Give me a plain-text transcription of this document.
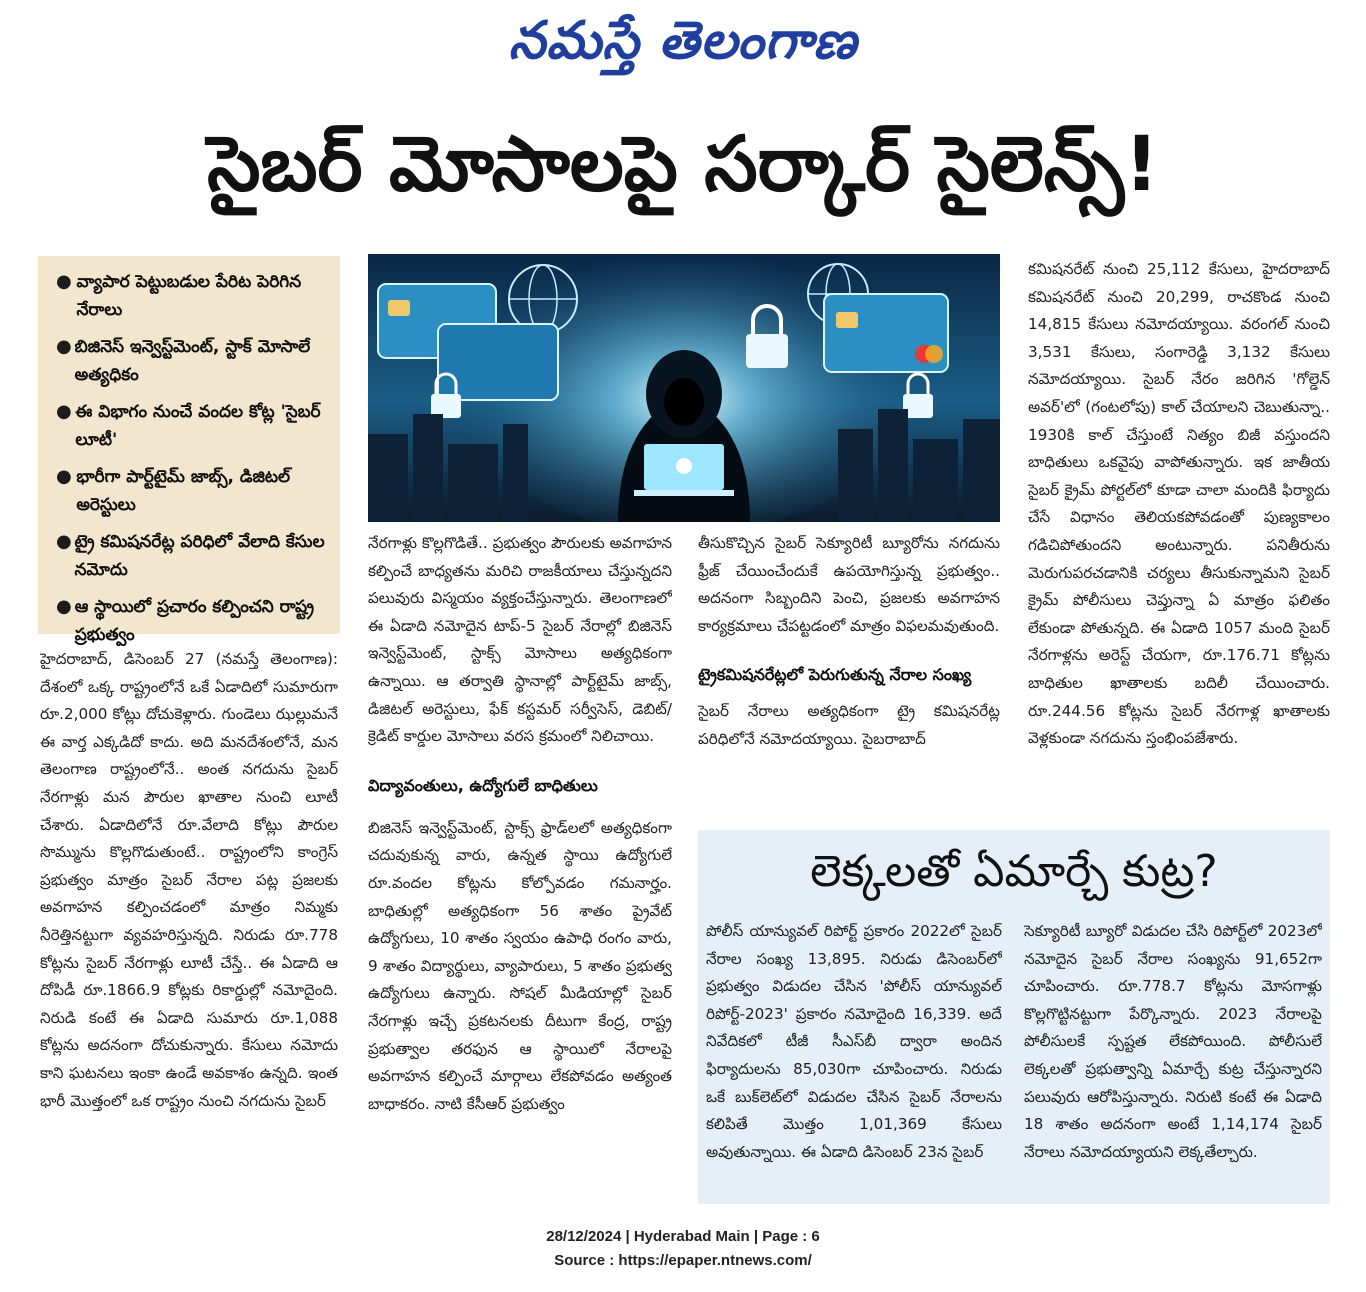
నమస్తే తెలంగాణ
సైబర్ మోసాలపై సర్కార్ సైలెన్స్!
● వ్యాపార పెట్టుబడుల పేరిట పెరిగిన నేరాలు
● బిజినెస్ ఇన్వెస్ట్‌మెంట్, స్టాక్ మోసాలే అత్యధికం
● ఈ విభాగం నుంచే వందల కోట్ల 'సైబర్ లూటీ'
● భారీగా పార్ట్‌టైమ్ జాబ్స్, డిజిటల్ అరెస్టులు
● ట్రై కమిషనరేట్ల పరిధిలో వేలాది కేసుల నమోదు
● ఆ స్థాయిలో ప్రచారం కల్పించని రాష్ట్ర ప్రభుత్వం

హైదరాబాద్, డిసెంబర్ 27 (నమస్తే తెలంగాణ): దేశంలో ఒక్క రాష్ట్రంలోనే ఒకే ఏడాదిలో సుమారుగా రూ.2,000 కోట్లు దోచుకెళ్లారు. గుండెలు ఝల్లుమనే ఈ వార్త ఎక్కడిదో కాదు. అది మనదేశంలోనే, మన తెలంగాణ రాష్ట్రంలోనే.. అంత నగదును సైబర్ నేరగాళ్లు మన పౌరుల ఖాతాల నుంచి లూటీ చేశారు. ఏడాదిలోనే రూ.వేలాది కోట్లు పౌరుల సొమ్మును కొల్లగొడుతుంటే.. రాష్ట్రంలోని కాంగ్రెస్ ప్రభుత్వం మాత్రం సైబర్ నేరాల పట్ల ప్రజలకు అవగాహన కల్పించడంలో మాత్రం నిమ్మకు నీరెత్తినట్టుగా వ్యవహరిస్తున్నది. నిరుడు రూ.778 కోట్లను సైబర్ నేరగాళ్లు లూటీ చేస్తే.. ఈ ఏడాది ఆ దోపిడీ రూ.1866.9 కోట్లకు రికార్డుల్లో నమోదైంది. నిరుడి కంటే ఈ ఏడాది సుమారు రూ.1,088 కోట్లను అదనంగా దోచుకున్నారు. కేసులు నమోదు కాని ఘటనలు ఇంకా ఉండే అవకాశం ఉన్నది. ఇంత భారీ మొత్తంలో ఒక రాష్ట్రం నుంచి నగదును సైబర్

నేరగాళ్లు కొల్లగొడితే.. ప్రభుత్వం పౌరులకు అవగాహన కల్పించే బాధ్యతను మరిచి రాజకీయాలు చేస్తున్నదని పలువురు విస్మయం వ్యక్తంచేస్తున్నారు. తెలంగాణలో ఈ ఏడాది నమోదైన టాప్-5 సైబర్ నేరాల్లో బిజినెస్ ఇన్వెస్ట్‌మెంట్, స్టాక్స్ మోసాలు అత్యధికంగా ఉన్నాయి. ఆ తర్వాతి స్థానాల్లో పార్ట్‌టైమ్ జాబ్స్, డిజిటల్ అరెస్టులు, ఫేక్ కస్టమర్ సర్వీసెస్, డెబిట్/క్రెడిట్ కార్డుల మోసాలు వరస క్రమంలో నిలిచాయి.

విద్యావంతులు, ఉద్యోగులే బాధితులు

బిజినెస్ ఇన్వెస్ట్‌మెంట్, స్టాక్స్ ఫ్రాడ్‌లలో అత్యధికంగా చదువుకున్న వారు, ఉన్నత స్థాయి ఉద్యోగులే రూ.వందల కోట్లను కోల్పోవడం గమనార్హం. బాధితుల్లో అత్యధికంగా 56 శాతం ప్రైవేట్ ఉద్యోగులు, 10 శాతం స్వయం ఉపాధి రంగం వారు, 9 శాతం విద్యార్థులు, వ్యాపారులు, 5 శాతం ప్రభుత్వ ఉద్యోగులు ఉన్నారు. సోషల్ మీడియాల్లో సైబర్ నేరగాళ్లు ఇచ్చే ప్రకటనలకు దీటుగా కేంద్ర, రాష్ట్ర ప్రభుత్వాల తరఫున ఆ స్థాయిలో నేరాలపై అవగాహన కల్పించే మార్గాలు లేకపోవడం అత్యంత బాధాకరం. నాటి కేసీఆర్ ప్రభుత్వం

తీసుకొచ్చిన సైబర్ సెక్యూరిటీ బ్యూరోను నగదును ఫ్రీజ్ చేయించేందుకే ఉపయోగిస్తున్న ప్రభుత్వం.. అదనంగా సిబ్బందిని పెంచి, ప్రజలకు అవగాహన కార్యక్రమాలు చేపట్టడంలో మాత్రం విఫలమవుతుంది.

ట్రైకమిషనరేట్లలో పెరుగుతున్న నేరాల సంఖ్య

సైబర్ నేరాలు అత్యధికంగా ట్రై కమిషనరేట్ల పరిధిలోనే నమోదయ్యాయి. సైబరాబాద్

కమిషనరేట్ నుంచి 25,112 కేసులు, హైదరాబాద్ కమిషనరేట్ నుంచి 20,299, రాచకొండ నుంచి 14,815 కేసులు నమోదయ్యాయి. వరంగల్ నుంచి 3,531 కేసులు, సంగారెడ్డి 3,132 కేసులు నమోదయ్యాయి. సైబర్ నేరం జరిగిన 'గోల్డెన్ అవర్'లో (గంటలోపు) కాల్ చేయాలని చెబుతున్నా.. 1930కి కాల్ చేస్తుంటే నిత్యం బిజీ వస్తుందని బాధితులు ఒకవైపు వాపోతున్నారు. ఇక జాతీయ సైబర్ క్రైమ్ పోర్టల్‌లో కూడా చాలా మందికి ఫిర్యాదు చేసే విధానం తెలియకపోవడంతో పుణ్యకాలం గడిచిపోతుందని అంటున్నారు. పనితీరును మెరుగుపరచడానికి చర్యలు తీసుకున్నామని సైబర్ క్రైమ్ పోలీసులు చెప్తున్నా ఏ మాత్రం ఫలితం లేకుండా పోతున్నది. ఈ ఏడాది 1057 మంది సైబర్ నేరగాళ్లను అరెస్ట్ చేయగా, రూ.176.71 కోట్లను బాధితుల ఖాతాలకు బదిలీ చేయించారు. రూ.244.56 కోట్లను సైబర్ నేరగాళ్ల ఖాతాలకు వెళ్లకుండా నగదును స్తంభింపజేశారు.

లెక్కలతో ఏమార్చే కుట్ర?
పోలీస్ యాన్యువల్ రిపోర్ట్ ప్రకారం 2022లో సైబర్ నేరాల సంఖ్య 13,895. నిరుడు డిసెంబర్‌లో ప్రభుత్వం విడుదల చేసిన 'పోలీస్ యాన్యువల్ రిపోర్ట్-2023' ప్రకారం నమోదైంది 16,339. అదే నివేదికలో టీజీ సీఎస్‌బీ ద్వారా అందిన ఫిర్యాదులను 85,030గా చూపించారు. నిరుడు ఒకే బుక్‌లెట్‌లో విడుదల చేసిన సైబర్ నేరాలను కలిపితే మొత్తం 1,01,369 కేసులు అవుతున్నాయి. ఈ ఏడాది డిసెంబర్ 23న సైబర్
సెక్యూరిటీ బ్యూరో విడుదల చేసి రిపోర్ట్‌లో 2023లో నమోదైన సైబర్ నేరాల సంఖ్యను 91,652గా చూపించారు. రూ.778.7 కోట్లను మోసగాళ్లు కొల్లగొట్టినట్టుగా పేర్కొన్నారు. 2023 నేరాలపై పోలీసులకే స్పష్టత లేకపోయింది. పోలీసులే లెక్కలతో ప్రభుత్వాన్ని ఏమార్చే కుట్ర చేస్తున్నారని పలువురు ఆరోపిస్తున్నారు. నిరుటి కంటే ఈ ఏడాది 18 శాతం అదనంగా అంటే 1,14,174 సైబర్ నేరాలు నమోదయ్యాయని లెక్కతేల్చారు.
28/12/2024 | Hyderabad Main | Page : 6
Source : https://epaper.ntnews.com/
